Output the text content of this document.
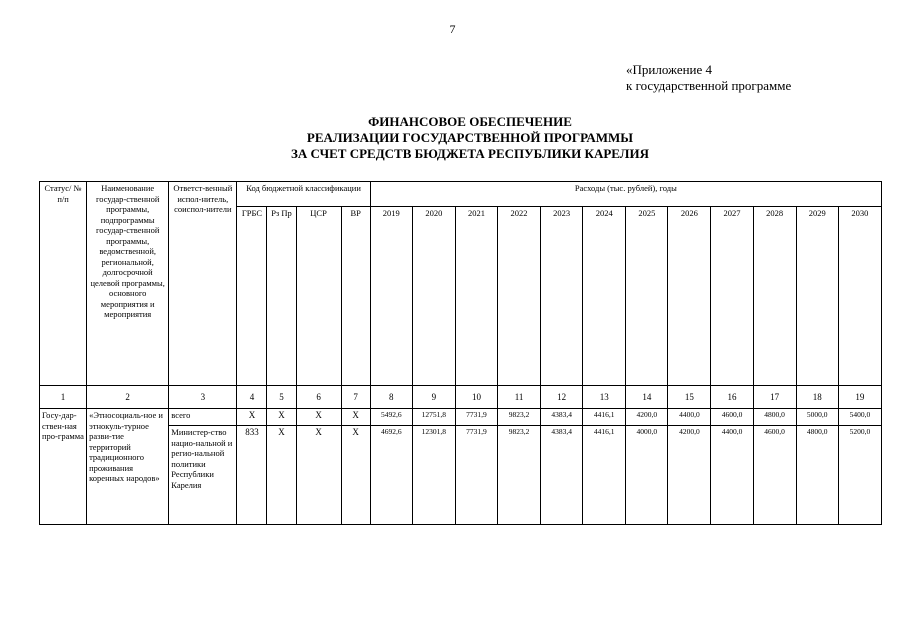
7
«Приложение 4
к государственной программе
ФИНАНСОВОЕ ОБЕСПЕЧЕНИЕ
РЕАЛИЗАЦИИ ГОСУДАРСТВЕННОЙ ПРОГРАММЫ
ЗА СЧЕТ СРЕДСТВ БЮДЖЕТА РЕСПУБЛИКИ КАРЕЛИЯ
Статус/ № п/п	Наименование государ-ственной программы, подпрограммы государ-ственной программы, ведомственной, региональной, долгосрочной целевой программы, основного мероприятия и мероприятия	Ответст-венный испол-нитель, соиспол-нители	Код бюджетной классификации				Расходы (тыс. рублей), годы											
			ГРБС	Рз Пр	ЦСР	ВР	2019	2020	2021	2022	2023	2024	2025	2026	2027	2028	2029	2030
1	2	3	4	5	6	7	8	9	10	11	12	13	14	15	16	17	18	19
Госу-дар-ствен-ная про-грамма	«Этносоциаль-ное и этнокуль-турное разви-тие территорий традиционного проживания коренных народов»	всего	X	X	X	X	5492,6	12751,8	7731,9	9823,2	4383,4	4416,1	4200,0	4400,0	4600,0	4800,0	5000,0	5400,0
		Министер-ство нацио-нальной и регио-нальной политики Республики Карелия	833	X	X	X	4692,6	12301,8	7731,9	9823,2	4383,4	4416,1	4000,0	4200,0	4400,0	4600,0	4800,0	5200,0
